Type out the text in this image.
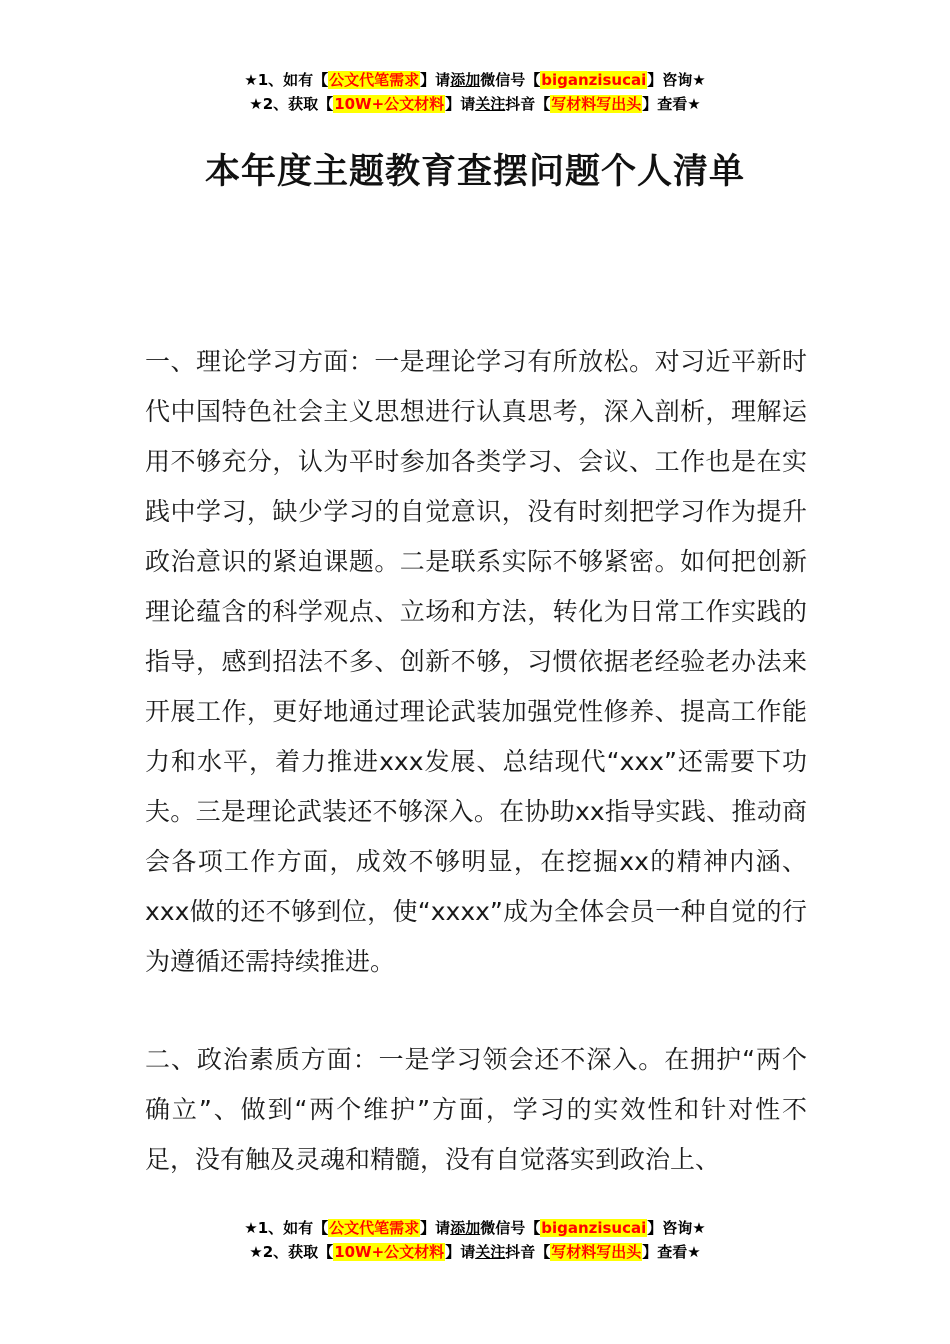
★1、如有【公文代笔需求】请添加微信号【biganzisucai】咨询★
★2、获取【10W+公文材料】请关注抖音【写材料写出头】查看★
本年度主题教育查摆问题个人清单

一、理论学习方面：一是理论学习有所放松。对习近平新时代中国特色社会主义思想进行认真思考，深入剖析，理解运用不够充分，认为平时参加各类学习、会议、工作也是在实践中学习，缺少学习的自觉意识，没有时刻把学习作为提升政治意识的紧迫课题。二是联系实际不够紧密。如何把创新理论蕴含的科学观点、立场和方法，转化为日常工作实践的指导，感到招法不多、创新不够，习惯依据老经验老办法来开展工作，更好地通过理论武装加强党性修养、提高工作能力和水平，着力推进xxx发展、总结现代“xxx”还需要下功夫。三是理论武装还不够深入。在协助xx指导实践、推动商会各项工作方面，成效不够明显，在挖掘xx的精神内涵、xxx做的还不够到位，使“xxxx”成为全体会员一种自觉的行为遵循还需持续推进。

二、政治素质方面：一是学习领会还不深入。在拥护“两个确立”、做到“两个维护”方面，学习的实效性和针对性不足，没有触及灵魂和精髓，没有自觉落实到政治上、

★1、如有【公文代笔需求】请添加微信号【biganzisucai】咨询★
★2、获取【10W+公文材料】请关注抖音【写材料写出头】查看★
